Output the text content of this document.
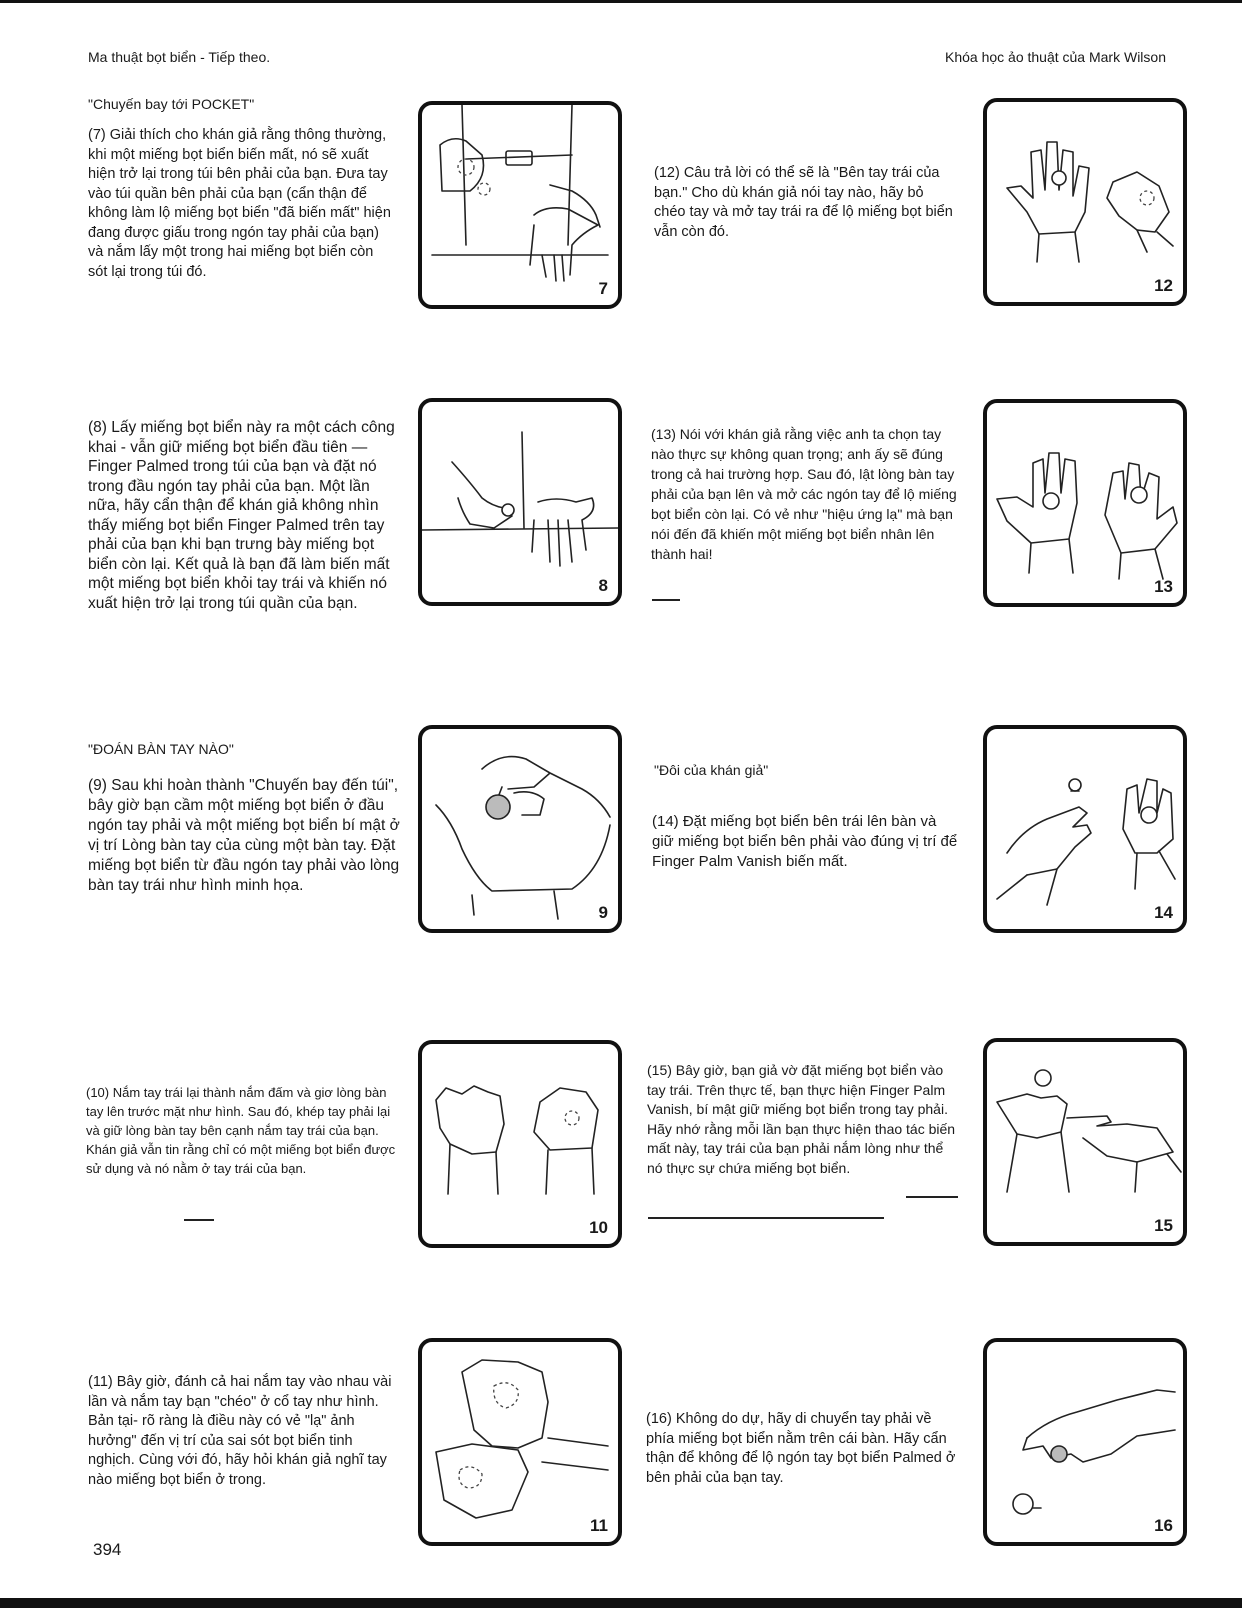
Ma thuật bọt biển - Tiếp theo.	Khóa học ảo thuật của Mark Wilson
"Chuyến bay tới POCKET"
"ĐOÁN BÀN TAY NÀO"
"Đôi của khán giả"
(7) Giải thích cho khán giả rằng thông thường, khi một miếng bọt biển biến mất, nó sẽ xuất hiện trở lại trong túi bên phải của bạn. Đưa tay vào túi quần bên phải của bạn (cẩn thận để không làm lộ miếng bọt biển "đã biến mất" hiện đang được giấu trong ngón tay phải của bạn) và nắm lấy một trong hai miếng bọt biển còn sót lại trong túi đó.
(8) Lấy miếng bọt biển này ra một cách công khai - vẫn giữ miếng bọt biển đầu tiên — Finger Palmed trong túi của bạn và đặt nó trong đầu ngón tay phải của bạn. Một lần nữa, hãy cẩn thận để khán giả không nhìn thấy miếng bọt biển Finger Palmed trên tay phải của bạn khi bạn trưng bày miếng bọt biển còn lại. Kết quả là bạn đã làm biến mất một miếng bọt biển khỏi tay trái và khiến nó xuất hiện trở lại trong túi quần của bạn.
(9) Sau khi hoàn thành "Chuyến bay đến túi", bây giờ bạn cầm một miếng bọt biển ở đầu ngón tay phải và một miếng bọt biển bí mật ở vị trí Lòng bàn tay của cùng một bàn tay. Đặt miếng bọt biển từ đầu ngón tay phải vào lòng bàn tay trái như hình minh họa.
(10) Nắm tay trái lại thành nắm đấm và giơ lòng bàn tay lên trước mặt như hình. Sau đó, khép tay phải lại và giữ lòng bàn tay bên cạnh nắm tay trái của bạn. Khán giả vẫn tin rằng chỉ có một miếng bọt biển được sử dụng và nó nằm ở tay trái của bạn.
(11) Bây giờ, đánh cả hai nắm tay vào nhau vài lần và nắm tay bạn "chéo" ở cổ tay như hình. Bản tại- rõ ràng là điều này có vẻ "lạ" ảnh hưởng" đến vị trí của sai sót bọt biển tinh nghịch. Cùng với đó, hãy hỏi khán giả nghĩ tay nào miếng bọt biển ở trong.
(12) Câu trả lời có thể sẽ là "Bên tay trái của bạn." Cho dù khán giả nói tay nào, hãy bỏ chéo tay và mở tay trái ra để lộ miếng bọt biển vẫn còn đó.
(13) Nói với khán giả rằng việc anh ta chọn tay nào thực sự không quan trọng; anh ấy sẽ đúng trong cả hai trường hợp. Sau đó, lật lòng bàn tay phải của bạn lên và mở các ngón tay để lộ miếng bọt biển còn lại. Có vẻ như "hiệu ứng lạ" mà bạn nói đến đã khiến một miếng bọt biển nhân lên thành hai!
(14) Đặt miếng bọt biển bên trái lên bàn và giữ miếng bọt biển bên phải vào đúng vị trí để Finger Palm Vanish biến mất.
(15) Bây giờ, bạn giả vờ đặt miếng bọt biển vào tay trái. Trên thực tế, bạn thực hiện Finger Palm Vanish, bí mật giữ miếng bọt biển trong tay phải. Hãy nhớ rằng mỗi lần bạn thực hiện thao tác biến mất này, tay trái của bạn phải nắm lòng như thể nó thực sự chứa miếng bọt biển.
(16) Không do dự, hãy di chuyển tay phải về phía miếng bọt biển nằm trên cái bàn. Hãy cẩn thận để không để lộ ngón tay bọt biển Palmed ở bên phải của bạn tay.
7
8
9
10
11
12
13
14
15
16
394
